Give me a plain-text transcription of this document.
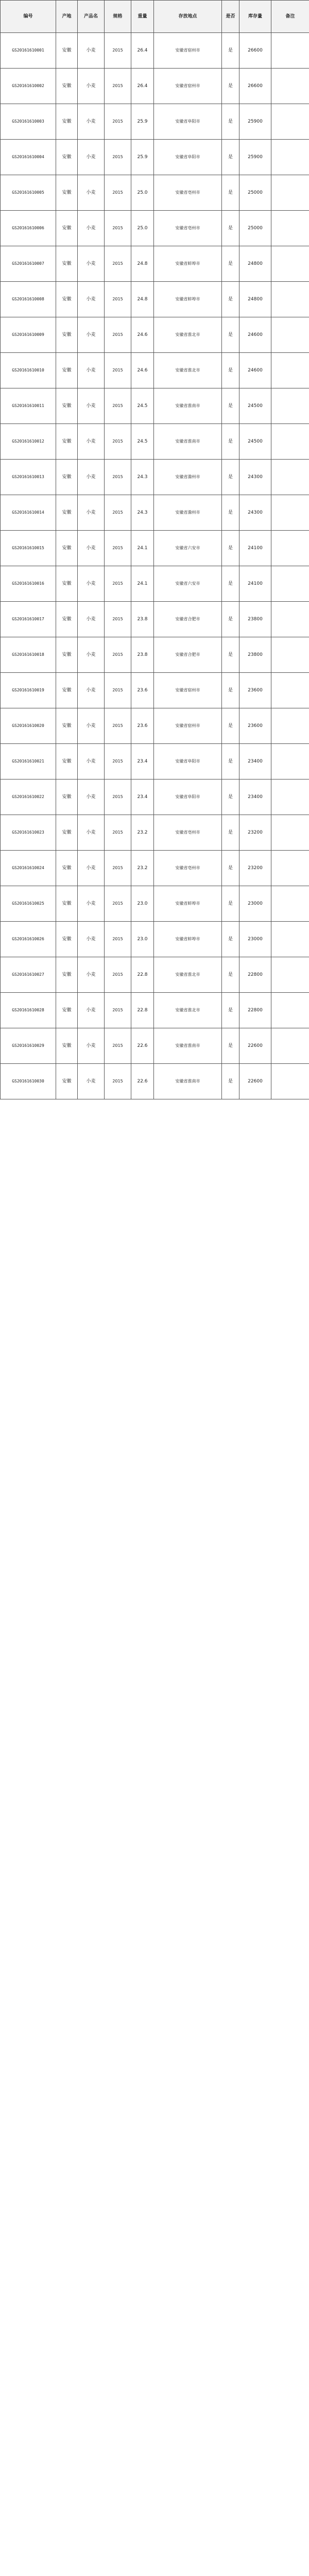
编号	产地	产品名	规格	重量	存放地点	是否	库存量	备注
GS20161610001	安徽	小麦	2015	26.4	安徽省宿州市	是	26600	
GS20161610002	安徽	小麦	2015	26.4	安徽省宿州市	是	26600	
GS20161610003	安徽	小麦	2015	25.9	安徽省阜阳市	是	25900	
GS20161610004	安徽	小麦	2015	25.9	安徽省阜阳市	是	25900	
GS20161610005	安徽	小麦	2015	25.0	安徽省亳州市	是	25000	
GS20161610006	安徽	小麦	2015	25.0	安徽省亳州市	是	25000	
GS20161610007	安徽	小麦	2015	24.8	安徽省蚌埠市	是	24800	
GS20161610008	安徽	小麦	2015	24.8	安徽省蚌埠市	是	24800	
GS20161610009	安徽	小麦	2015	24.6	安徽省淮北市	是	24600	
GS20161610010	安徽	小麦	2015	24.6	安徽省淮北市	是	24600	
GS20161610011	安徽	小麦	2015	24.5	安徽省淮南市	是	24500	
GS20161610012	安徽	小麦	2015	24.5	安徽省淮南市	是	24500	
GS20161610013	安徽	小麦	2015	24.3	安徽省滁州市	是	24300	
GS20161610014	安徽	小麦	2015	24.3	安徽省滁州市	是	24300	
GS20161610015	安徽	小麦	2015	24.1	安徽省六安市	是	24100	
GS20161610016	安徽	小麦	2015	24.1	安徽省六安市	是	24100	
GS20161610017	安徽	小麦	2015	23.8	安徽省合肥市	是	23800	
GS20161610018	安徽	小麦	2015	23.8	安徽省合肥市	是	23800	
GS20161610019	安徽	小麦	2015	23.6	安徽省宿州市	是	23600	
GS20161610020	安徽	小麦	2015	23.6	安徽省宿州市	是	23600	
GS20161610021	安徽	小麦	2015	23.4	安徽省阜阳市	是	23400	
GS20161610022	安徽	小麦	2015	23.4	安徽省阜阳市	是	23400	
GS20161610023	安徽	小麦	2015	23.2	安徽省亳州市	是	23200	
GS20161610024	安徽	小麦	2015	23.2	安徽省亳州市	是	23200	
GS20161610025	安徽	小麦	2015	23.0	安徽省蚌埠市	是	23000	
GS20161610026	安徽	小麦	2015	23.0	安徽省蚌埠市	是	23000	
GS20161610027	安徽	小麦	2015	22.8	安徽省淮北市	是	22800	
GS20161610028	安徽	小麦	2015	22.8	安徽省淮北市	是	22800	
GS20161610029	安徽	小麦	2015	22.6	安徽省淮南市	是	22600	
GS20161610030	安徽	小麦	2015	22.6	安徽省淮南市	是	22600	
